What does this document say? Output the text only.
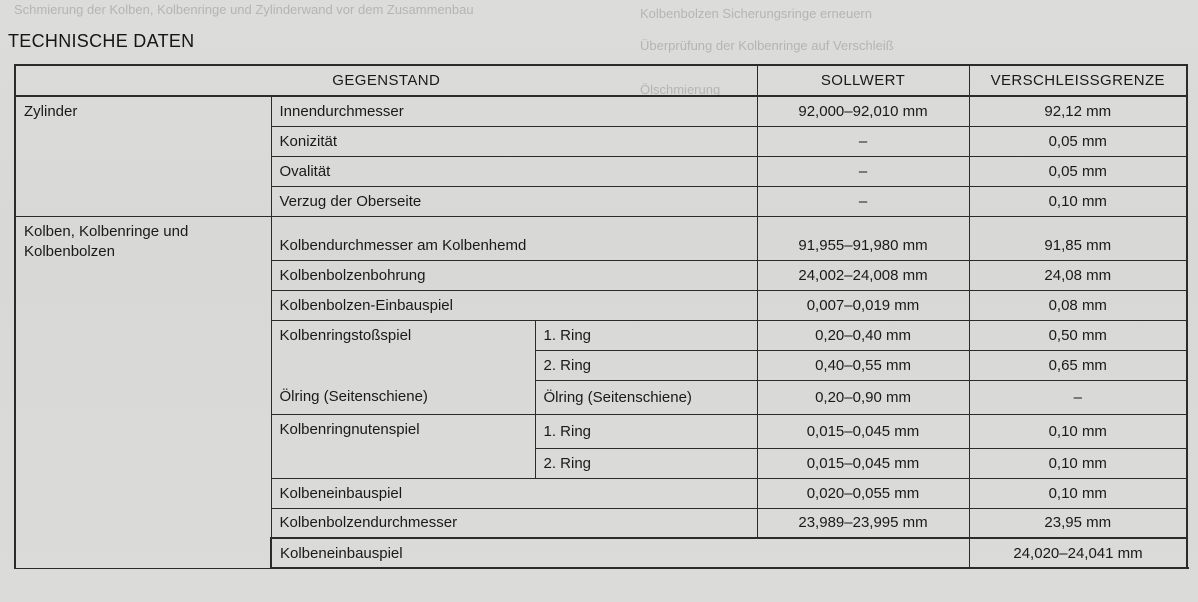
Schmierung der Kolben, Kolbenringe und Zylinderwand vor dem Zusammenbau	Kolbenbolzen Sicherungsringe erneuern
Überprüfung der Kolbenringe auf Verschleiß
Ölschmierung
TECHNISCHE DATEN
GEGENSTAND			SOLLWERT	VERSCHLEISSGRENZE	
Zylinder	Innendurchmesser		92,000–92,010 mm	92,12 mm	
	Konizität		–	0,05 mm	
	Ovalität		–	0,05 mm	
	Verzug der Oberseite		–	0,10 mm	
Kolben, Kolbenringe und Kolbenbolzen	Kolbendurchmesser am Kolbenhemd		91,955–91,980 mm	91,85 mm	
	Kolbenbolzenbohrung		24,002–24,008 mm	24,08 mm	
	Kolbenbolzen-Einbauspiel		0,007–0,019 mm	0,08 mm	
	Kolbenringstoßspiel	1. Ring	0,20–0,40 mm	0,50 mm	
		2. Ring	0,40–0,55 mm	0,65 mm	
	Ölring (Seitenschiene)	Ölring (Seitenschiene)	0,20–0,90 mm	–	
	Kolbenringnutenspiel	1. Ring	0,015–0,045 mm	0,10 mm	
		2. Ring	0,015–0,045 mm	0,10 mm	
	Kolbeneinbauspiel		0,020–0,055 mm	0,10 mm	
	Kolbenbolzendurchmesser		23,989–23,995 mm	23,95 mm	
	Kolbeneinbauspiel			24,020–24,041 mm	
